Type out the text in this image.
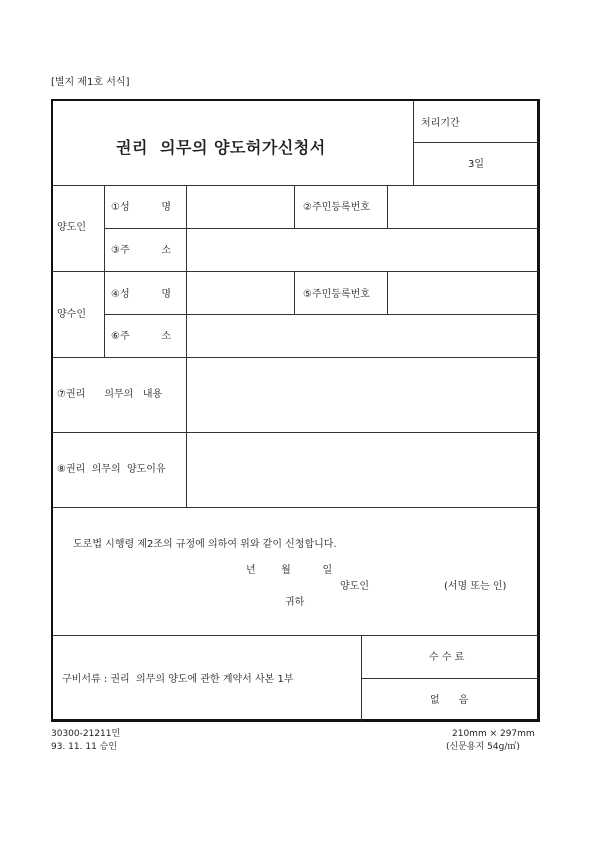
[별지 제1호 서식]
권리  의무의 양도허가신청서
처리기간
3일
양도인
①성          명	②주민등록번호
③주          소
양수인
④성          명	⑤주민등록번호
⑥주          소
⑦권리      의무의   내용
⑧권리  의무의  양도이유
도로법 시행령 제2조의 규정에 의하여 위와 같이 신청합니다.
년        월          일
양도인	(서명 또는 인)
귀하
구비서류 : 권리  의무의 양도에 관한 계약서 사본 1부
수 수 료
없      음
30300-21211민
93. 11. 11 승인
210mm × 297mm
(신문용지 54g/㎡)
